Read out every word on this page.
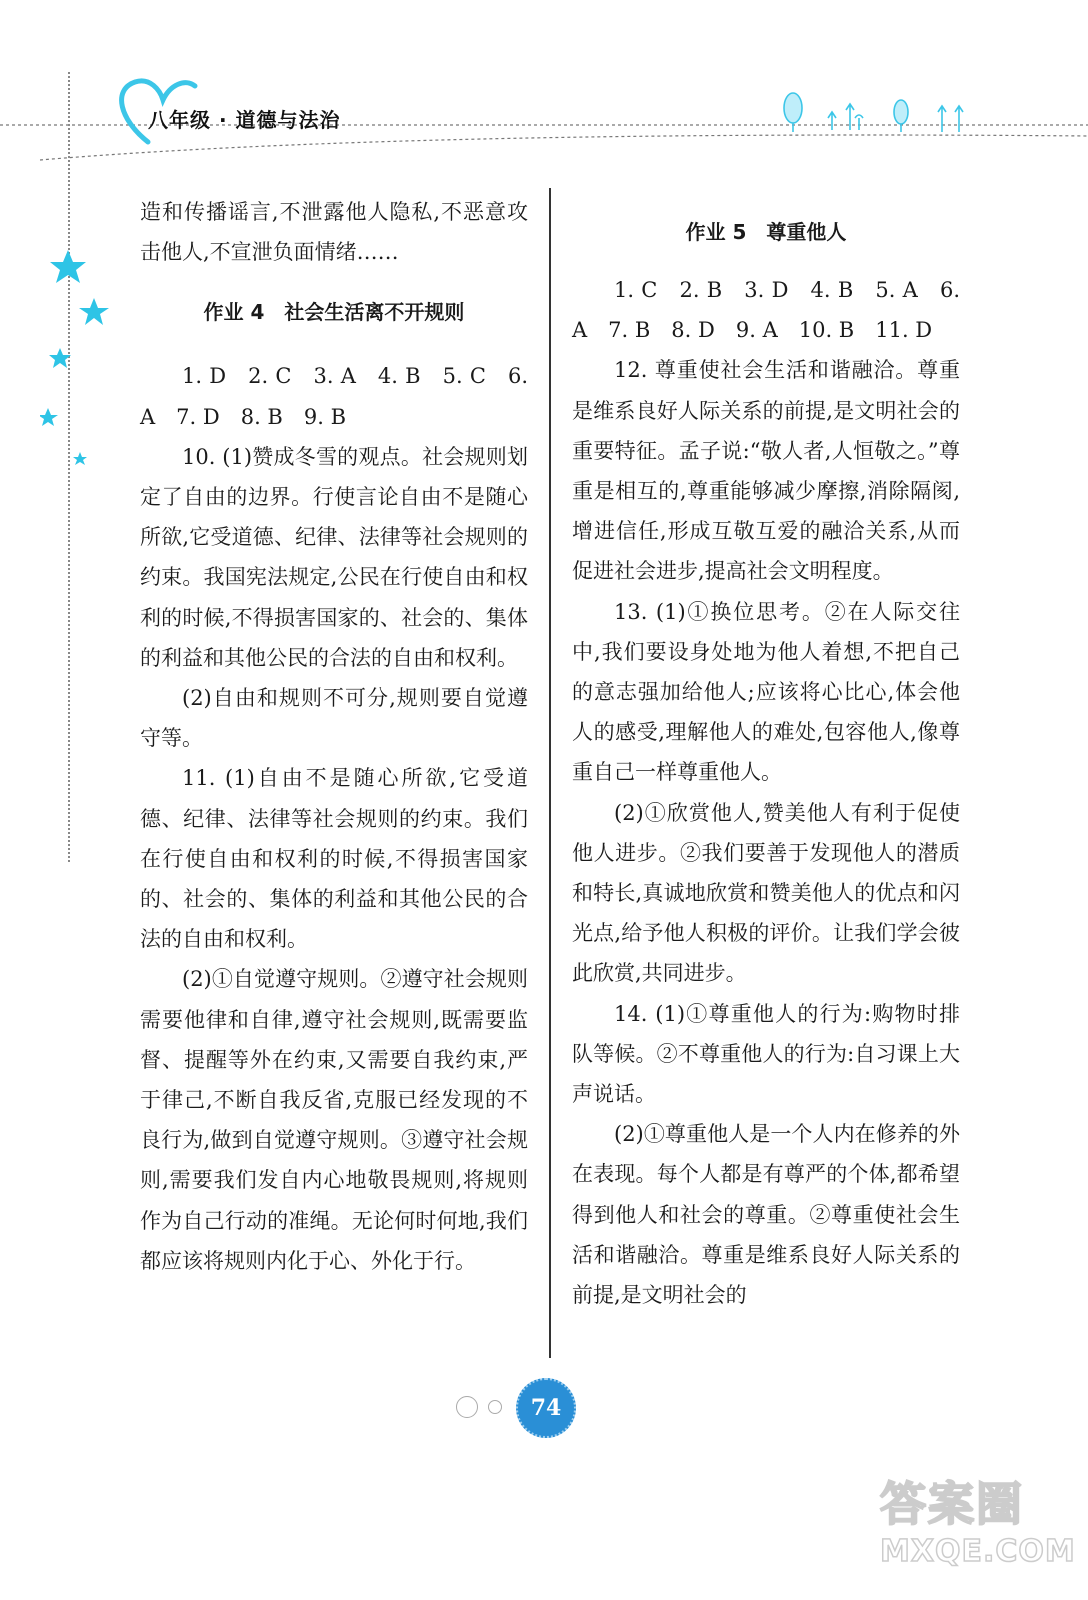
八年级 · 道德与法治

造和传播谣言,不泄露他人隐私,不恶意攻击他人,不宣泄负面情绪……

1. D　2. C　3. A　4. B　5. C　6. A　7. D　8. B　9. B

10. (1)赞成冬雪的观点。社会规则划定了自由的边界。行使言论自由不是随心所欲,它受道德、纪律、法律等社会规则的约束。我国宪法规定,公民在行使自由和权利的时候,不得损害国家的、社会的、集体的利益和其他公民的合法的自由和权利。

(2)自由和规则不可分,规则要自觉遵守等。

11. (1)自由不是随心所欲,它受道德、纪律、法律等社会规则的约束。我们在行使自由和权利的时候,不得损害国家的、社会的、集体的利益和其他公民的合法的自由和权利。

(2)①自觉遵守规则。②遵守社会规则需要他律和自律,遵守社会规则,既需要监督、提醒等外在约束,又需要自我约束,严于律己,不断自我反省,克服已经发现的不良行为,做到自觉遵守规则。③遵守社会规则,需要我们发自内心地敬畏规则,将规则作为自己行动的准绳。无论何时何地,我们都应该将规则内化于心、外化于行。

作业 4　社会生活离不开规则

作业 5　尊重他人

1. C　2. B　3. D　4. B　5. A　6. A　7. B　8. D　9. A　10. B　11. D

12. 尊重使社会生活和谐融洽。尊重是维系良好人际关系的前提,是文明社会的重要特征。孟子说:“敬人者,人恒敬之。”尊重是相互的,尊重能够减少摩擦,消除隔阂,增进信任,形成互敬互爱的融洽关系,从而促进社会进步,提高社会文明程度。

13. (1)①换位思考。②在人际交往中,我们要设身处地为他人着想,不把自己的意志强加给他人;应该将心比心,体会他人的感受,理解他人的难处,包容他人,像尊重自己一样尊重他人。

(2)①欣赏他人,赞美他人有利于促使他人进步。②我们要善于发现他人的潜质和特长,真诚地欣赏和赞美他人的优点和闪光点,给予他人积极的评价。让我们学会彼此欣赏,共同进步。

14. (1)①尊重他人的行为:购物时排队等候。②不尊重他人的行为:自习课上大声说话。

(2)①尊重他人是一个人内在修养的外在表现。每个人都是有尊严的个体,都希望得到他人和社会的尊重。②尊重使社会生活和谐融洽。尊重是维系良好人际关系的前提,是文明社会的

74
答案圈
MXQE.COM
